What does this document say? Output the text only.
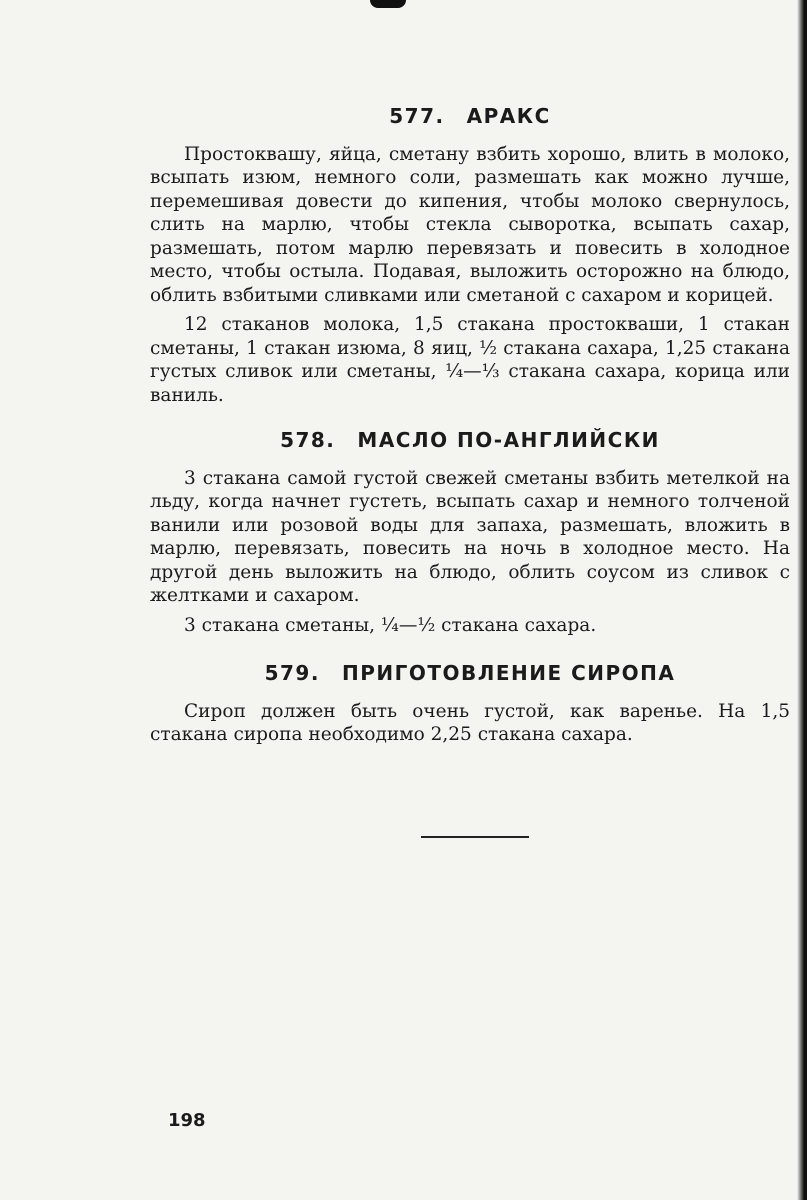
577. АРАКС

Простоквашу, яйца, сметану взбить хорошо, влить в молоко, всыпать изюм, немного соли, размешать как можно лучше, перемешивая довести до кипения, чтобы молоко свернулось, слить на марлю, чтобы стекла сыворотка, всыпать сахар, размешать, потом марлю перевязать и повесить в холодное место, чтобы остыла. Подавая, выложить осторожно на блюдо, облить взбитыми сливками или сметаной с сахаром и корицей.

12 стаканов молока, 1,5 стакана простокваши, 1 стакан сметаны, 1 стакан изюма, 8 яиц, ½ стакана сахара, 1,25 стакана густых сливок или сметаны, ¼—⅓ стакана сахара, корица или ваниль.

578. МАСЛО ПО-АНГЛИЙСКИ

3 стакана самой густой свежей сметаны взбить метелкой на льду, когда начнет густеть, всыпать сахар и немного толченой ванили или розовой воды для запаха, размешать, вложить в марлю, перевязать, повесить на ночь в холодное место. На другой день выложить на блюдо, облить соусом из сливок с желтками и сахаром.

3 стакана сметаны, ¼—½ стакана сахара.

579. ПРИГОТОВЛЕНИЕ СИРОПА

Сироп должен быть очень густой, как варенье. На 1,5 стакана сиропа необходимо 2,25 стакана сахара.

198
